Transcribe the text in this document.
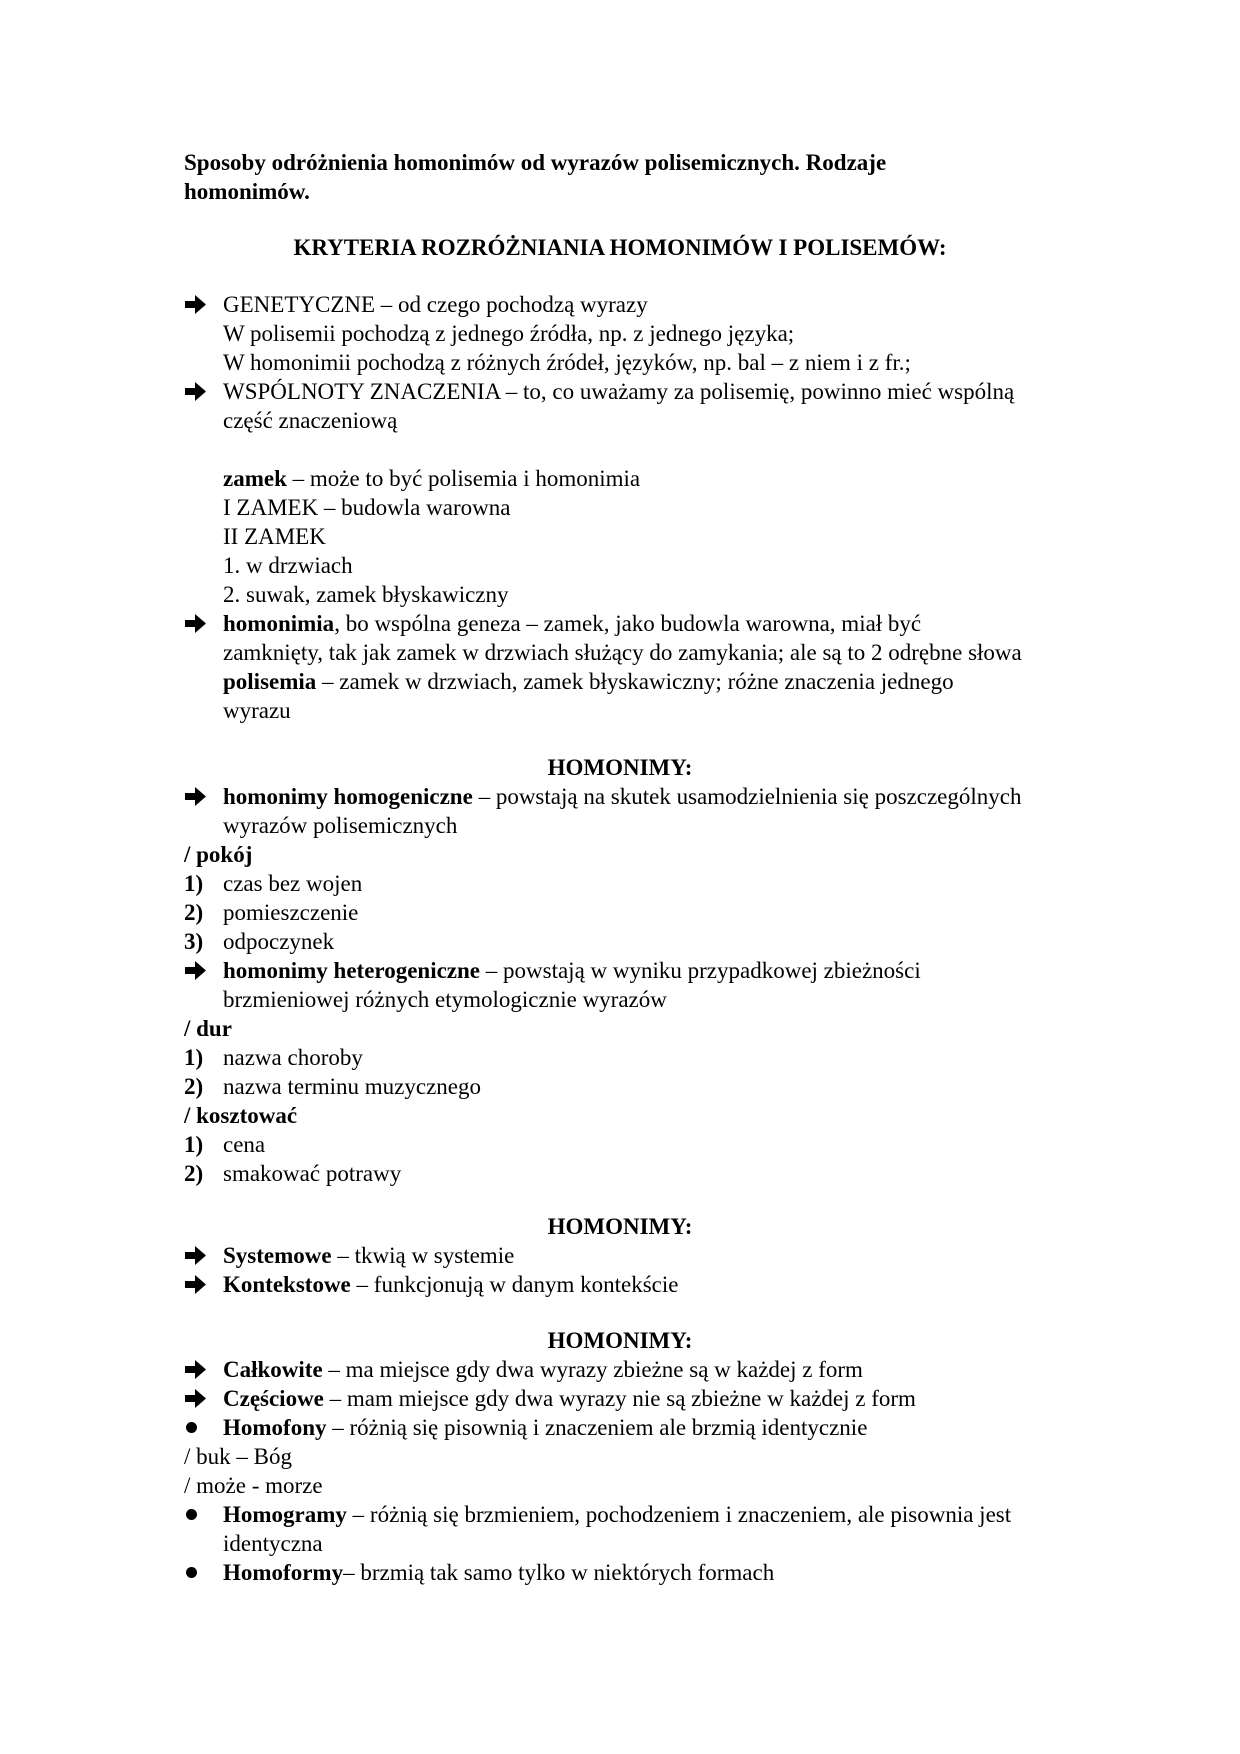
Sposoby odróżnienia homonimów od wyrazów polisemicznych. Rodzaje
homonimów.
KRYTERIA ROZRÓŻNIANIA HOMONIMÓW I POLISEMÓW:
GENETYCZNE – od czego pochodzą wyrazy
W polisemii pochodzą z jednego źródła, np. z jednego języka;
W homonimii pochodzą z różnych źródeł, języków, np. bal – z niem i z fr.;
WSPÓLNOTY ZNACZENIA – to, co uważamy za polisemię, powinno mieć wspólną
część znaczeniową
zamek – może to być polisemia i homonimia
I ZAMEK – budowla warowna
II ZAMEK
1. w drzwiach
2. suwak, zamek błyskawiczny
homonimia, bo wspólna geneza – zamek, jako budowla warowna, miał być
zamknięty, tak jak zamek w drzwiach służący do zamykania; ale są to 2 odrębne słowa
polisemia – zamek w drzwiach, zamek błyskawiczny; różne znaczenia jednego
wyrazu
HOMONIMY:
homonimy homogeniczne – powstają na skutek usamodzielnienia się poszczególnych
wyrazów polisemicznych
/ pokój
1) czas bez wojen
2) pomieszczenie
3) odpoczynek
homonimy heterogeniczne – powstają w wyniku przypadkowej zbieżności
brzmieniowej różnych etymologicznie wyrazów
/ dur
1) nazwa choroby
2) nazwa terminu muzycznego
/ kosztować
1) cena
2) smakować potrawy
HOMONIMY:
Systemowe – tkwią w systemie
Kontekstowe – funkcjonują w danym kontekście
HOMONIMY:
Całkowite – ma miejsce gdy dwa wyrazy zbieżne są w każdej z form
Częściowe – mam miejsce gdy dwa wyrazy nie są zbieżne w każdej z form
Homofony – różnią się pisownią i znaczeniem ale brzmią identycznie
/ buk – Bóg
/ może - morze
Homogramy – różnią się brzmieniem, pochodzeniem i znaczeniem, ale pisownia jest
identyczna
Homoformy– brzmią tak samo tylko w niektórych formach
